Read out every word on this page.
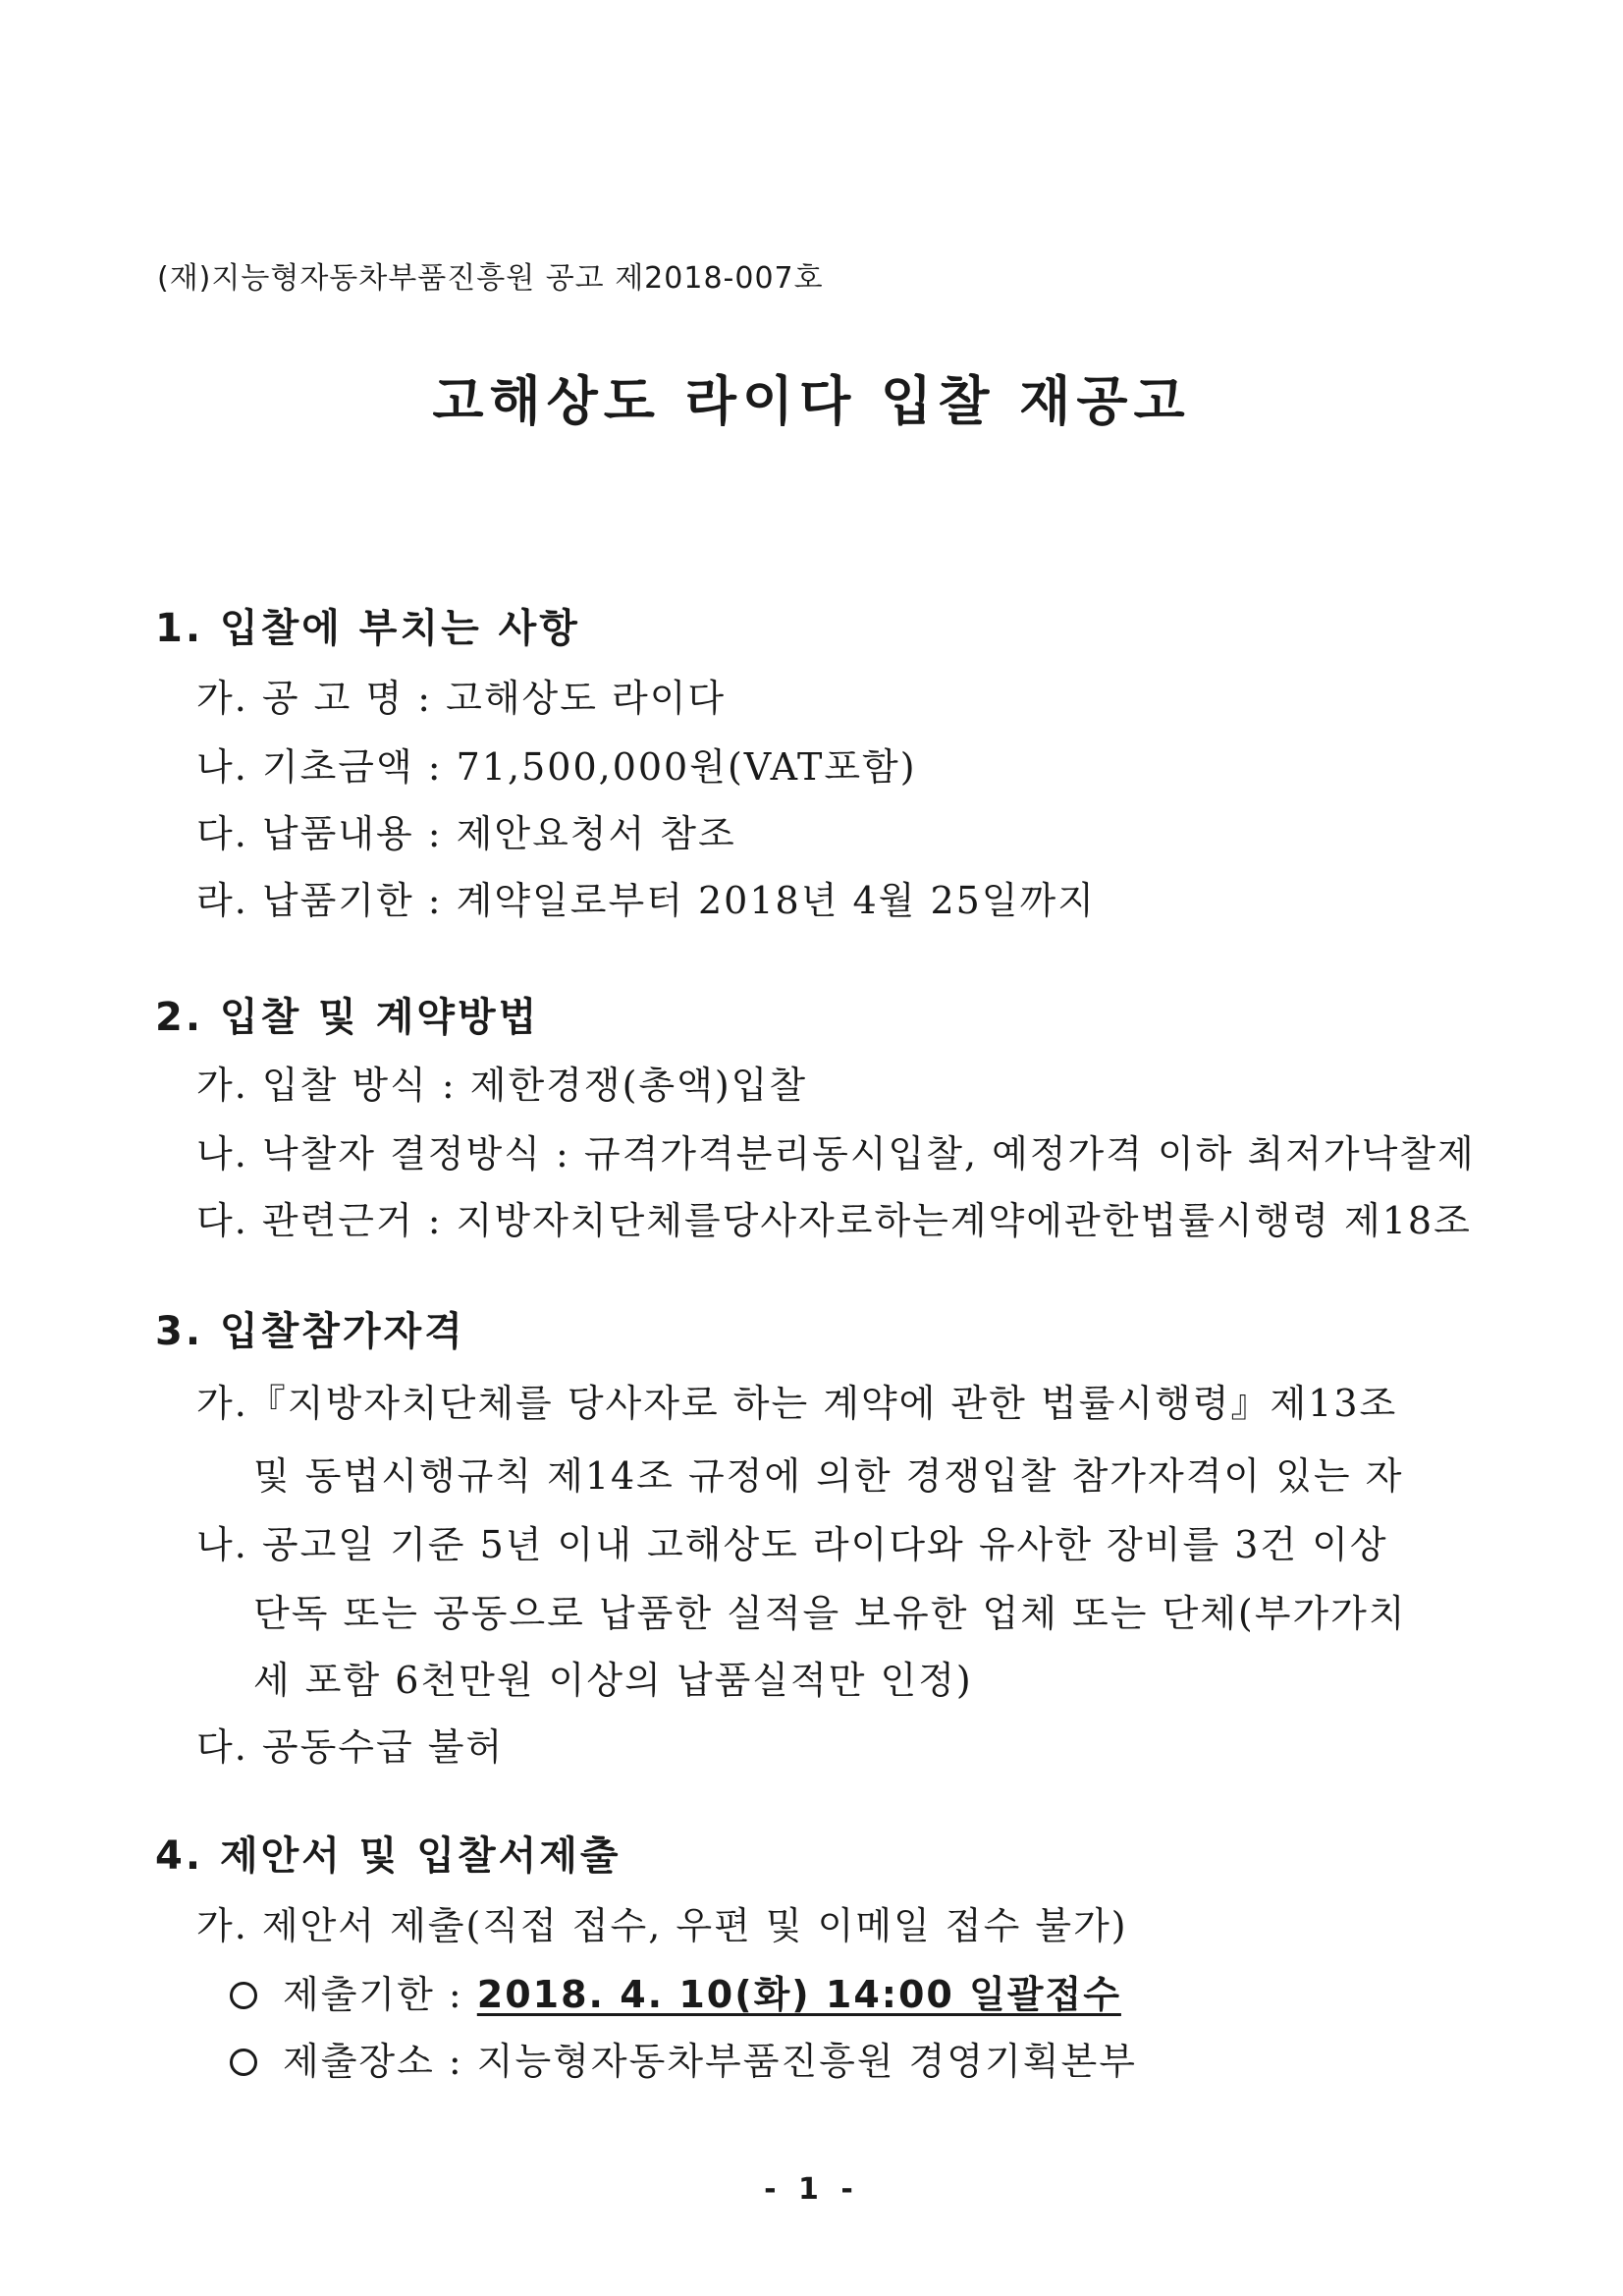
(재)지능형자동차부품진흥원 공고 제2018-007호
고해상도 라이다 입찰 재공고
1. 입찰에 부치는 사항
가. 공 고 명 : 고해상도 라이다
나. 기초금액 : 71,500,000원(VAT포함)
다. 납품내용 : 제안요청서 참조
라. 납품기한 : 계약일로부터 2018년 4월 25일까지
2. 입찰 및 계약방법
가. 입찰 방식 : 제한경쟁(총액)입찰
나. 낙찰자 결정방식 : 규격가격분리동시입찰, 예정가격 이하 최저가낙찰제
다. 관련근거 : 지방자치단체를당사자로하는계약에관한법률시행령 제18조
3. 입찰참가자격
가.『지방자치단체를 당사자로 하는 계약에 관한 법률시행령』제13조
및 동법시행규칙 제14조 규정에 의한 경쟁입찰 참가자격이 있는 자
나. 공고일 기준 5년 이내 고해상도 라이다와 유사한 장비를 3건 이상
단독 또는 공동으로 납품한 실적을 보유한 업체 또는 단체(부가가치
세 포함 6천만원 이상의 납품실적만 인정)
다. 공동수급 불허
4. 제안서 및 입찰서제출
가. 제안서 제출(직접 접수, 우편 및 이메일 접수 불가)
제출기한 : 2018. 4. 10(화) 14:00 일괄접수
제출장소 : 지능형자동차부품진흥원 경영기획본부
- 1 -
